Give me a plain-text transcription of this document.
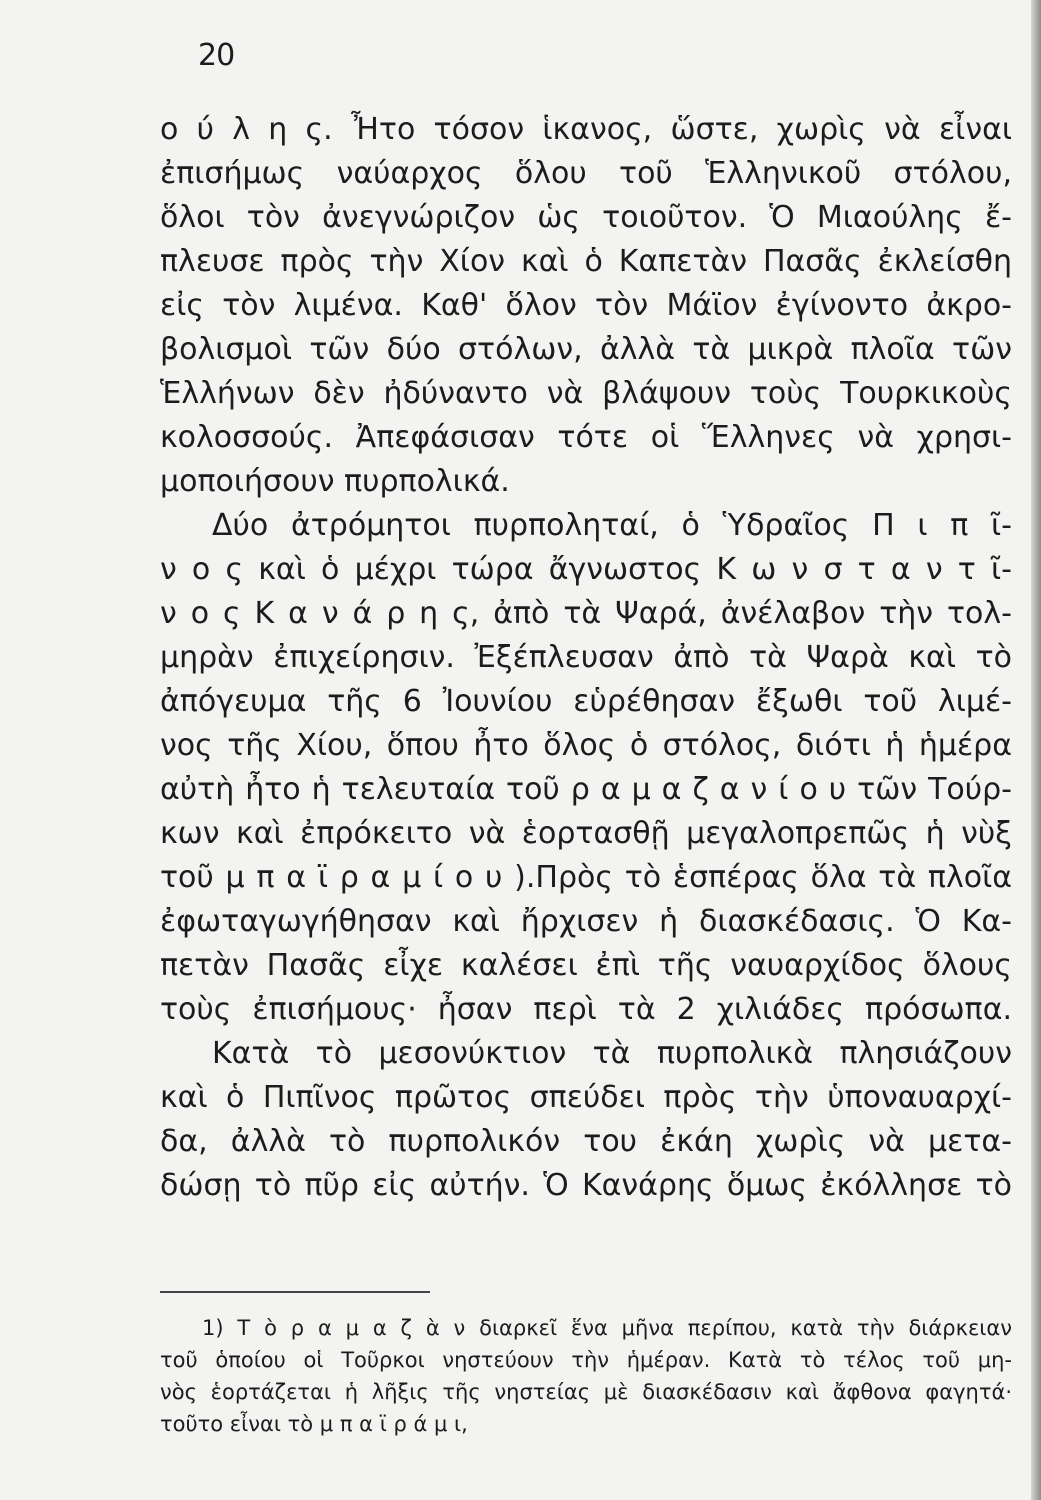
20
ο ύ λ η ς. Ἦτο τόσον ἱκανος, ὥστε, χωρὶς νὰ εἶναι
ἐπισήμως ναύαρχος ὅλου τοῦ Ἑλληνικοῦ στόλου,
ὅλοι τὸν ἀνεγνώριζον ὡς τοιοῦτον. Ὁ Μιαούλης ἔ-
πλευσε πρὸς τὴν Χίον καὶ ὁ Καπετὰν Πασᾶς ἐκλείσθη
εἰς τὸν λιμένα. Καθ' ὅλον τὸν Μάϊον ἐγίνοντο ἀκρο-
βολισμοὶ τῶν δύο στόλων, ἀλλὰ τὰ μικρὰ πλοῖα τῶν
Ἑλλήνων δὲν ἠδύναντο νὰ βλάψουν τοὺς Τουρκικοὺς
κολοσσούς. Ἀπεφάσισαν τότε οἱ Ἕλληνες νὰ χρησι-
μοποιήσουν πυρπολικά.
Δύο ἀτρόμητοι πυρποληταί, ὁ Ὑδραῖος Π ι π ῖ-
ν ο ς καὶ ὁ μέχρι τώρα ἄγνωστος Κ ω ν σ τ α ν τ ῖ-
ν ο ς Κ α ν ά ρ η ς, ἀπὸ τὰ Ψαρά, ἀνέλαβον τὴν τολ-
μηρὰν ἐπιχείρησιν. Ἐξέπλευσαν ἀπὸ τὰ Ψαρὰ καὶ τὸ
ἀπόγευμα τῆς 6 Ἰουνίου εὑρέθησαν ἔξωθι τοῦ λιμέ-
νος τῆς Χίου, ὅπου ἦτο ὅλος ὁ στόλος, διότι ἡ ἡμέρα
αὐτὴ ἦτο ἡ τελευταία τοῦ ρ α μ α ζ α ν ί ο υ τῶν Τούρ-
κων καὶ ἐπρόκειτο νὰ ἑορτασθῇ μεγαλοπρεπῶς ἡ νὺξ
τοῦ μ π α ϊ ρ α μ ί ο υ ).Πρὸς τὸ ἑσπέρας ὅλα τὰ πλοῖα
ἐφωταγωγήθησαν καὶ ἤρχισεν ἡ διασκέδασις. Ὁ Κα-
πετὰν Πασᾶς εἶχε καλέσει ἐπὶ τῆς ναυαρχίδος ὅλους
τοὺς ἐπισήμους· ἦσαν περὶ τὰ 2 χιλιάδες πρόσωπα.
Κατὰ τὸ μεσονύκτιον τὰ πυρπολικὰ πλησιάζουν
καὶ ὁ Πιπῖνος πρῶτος σπεύδει πρὸς τὴν ὑποναυαρχί-
δα, ἀλλὰ τὸ πυρπολικόν του ἐκάη χωρὶς νὰ μετα-
δώσῃ τὸ πῦρ εἰς αὐτήν. Ὁ Κανάρης ὅμως ἐκόλλησε τὸ
1) Τ ὸ ρ α μ α ζ ὰ ν διαρκεῖ ἕνα μῆνα περίπου, κατὰ τὴν διάρκειαν
τοῦ ὁποίου οἱ Τοῦρκοι νηστεύουν τὴν ἡμέραν. Κατὰ τὸ τέλος τοῦ μη-
νὸς ἑορτάζεται ἡ λῆξις τῆς νηστείας μὲ διασκέδασιν καὶ ἄφθονα φαγητά·
τοῦτο εἶναι τὸ μ π α ϊ ρ ά μ ι,
